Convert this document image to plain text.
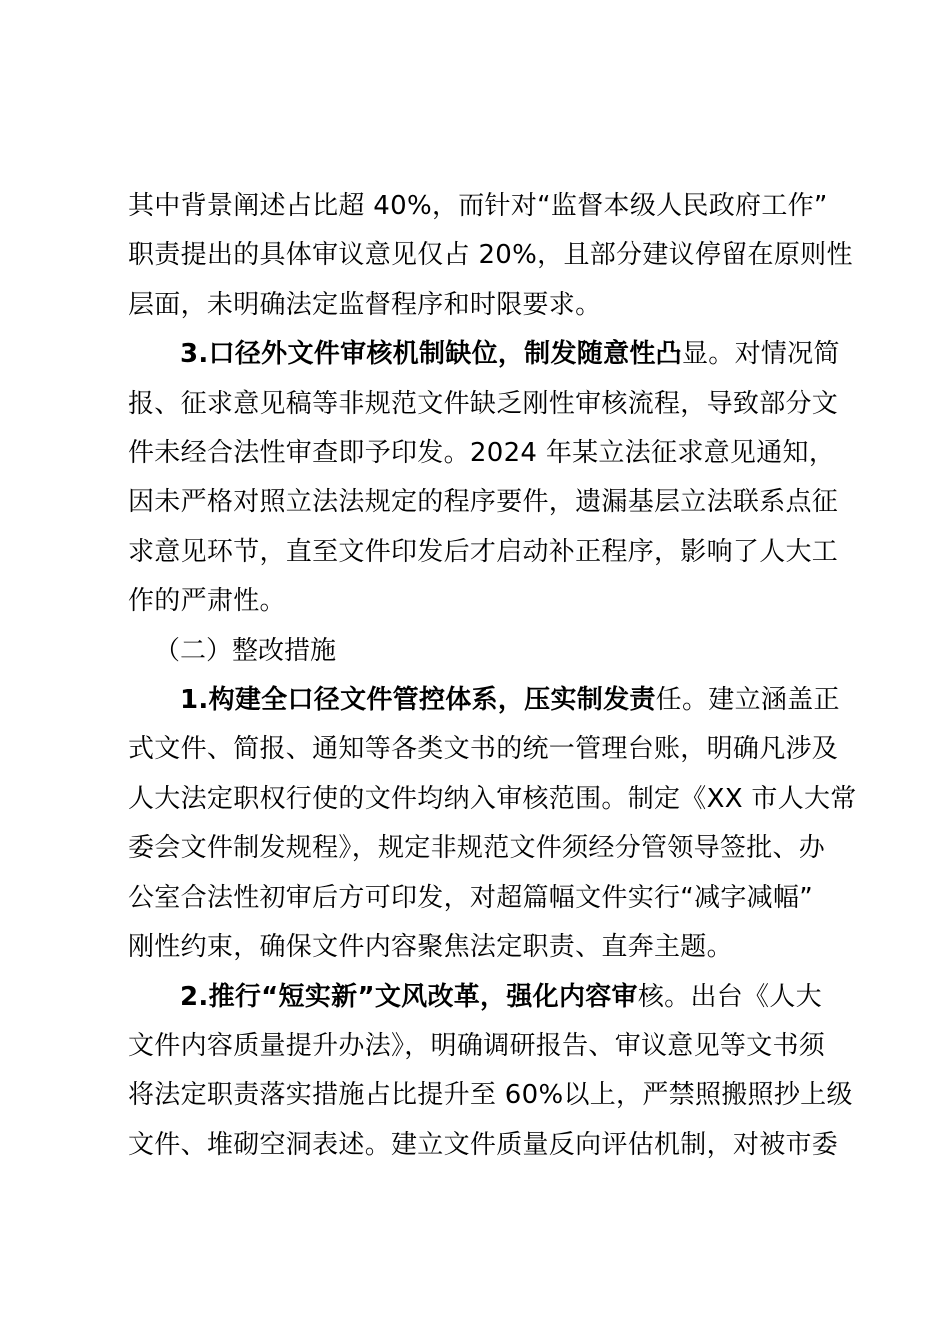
其中背景阐述占比超 40%，而针对“监督本级人民政府工作”
职责提出的具体审议意见仅占 20%，且部分建议停留在原则性
层面，未明确法定监督程序和时限要求。

3.口径外文件审核机制缺位，制发随意性凸显。对情况简
报、征求意见稿等非规范文件缺乏刚性审核流程，导致部分文
件未经合法性审查即予印发。2024 年某立法征求意见通知，
因未严格对照立法法规定的程序要件，遗漏基层立法联系点征
求意见环节，直至文件印发后才启动补正程序，影响了人大工
作的严肃性。

（二）整改措施

1.构建全口径文件管控体系，压实制发责任。建立涵盖正
式文件、简报、通知等各类文书的统一管理台账，明确凡涉及
人大法定职权行使的文件均纳入审核范围。制定《XX 市人大常
委会文件制发规程》，规定非规范文件须经分管领导签批、办
公室合法性初审后方可印发，对超篇幅文件实行“减字减幅”
刚性约束，确保文件内容聚焦法定职责、直奔主题。

2.推行“短实新”文风改革，强化内容审核。出台《人大
文件内容质量提升办法》，明确调研报告、审议意见等文书须
将法定职责落实措施占比提升至 60%以上，严禁照搬照抄上级
文件、堆砌空洞表述。建立文件质量反向评估机制，对被市委
